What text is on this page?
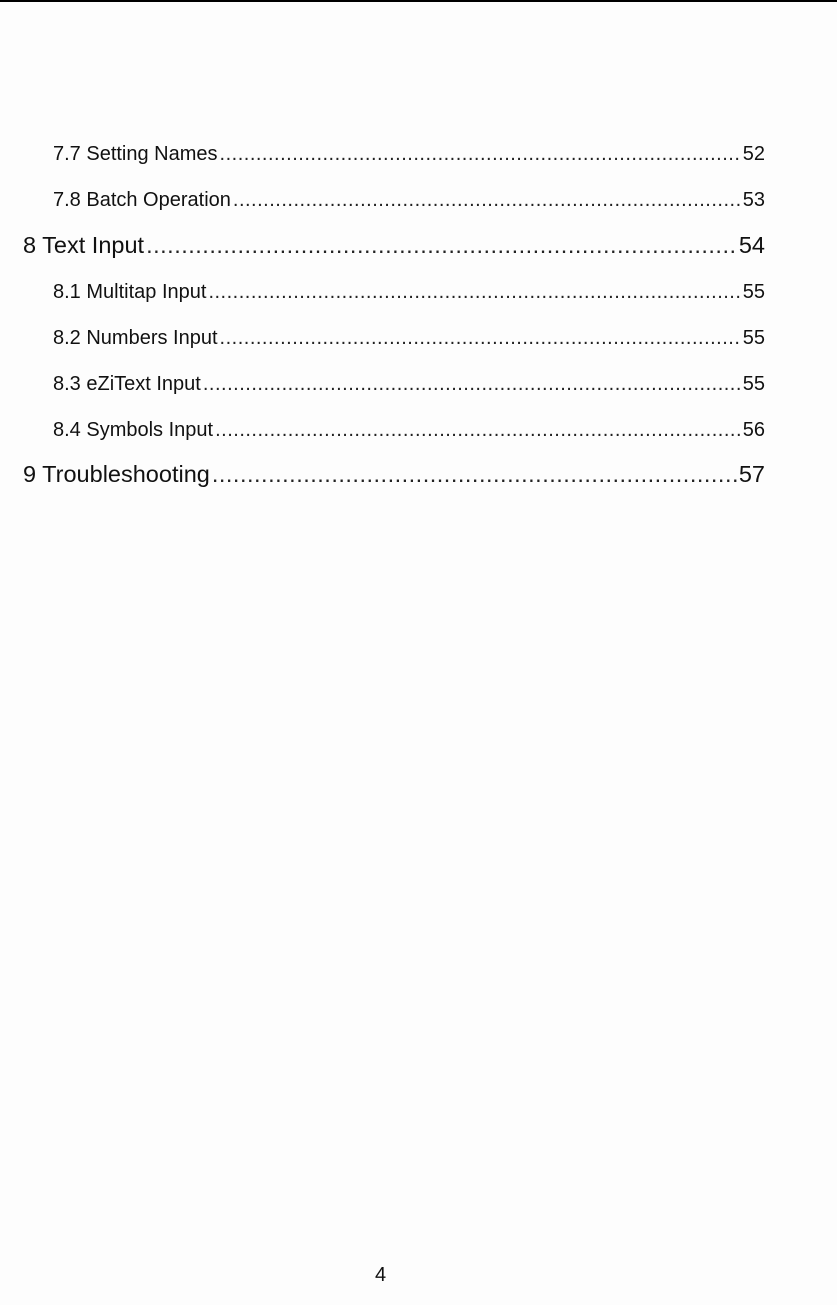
7.7 Setting Names .....	52
7.8 Batch Operation .....	53
8 Text Input .....	54
8.1 Multitap Input .....	55
8.2 Numbers Input .....	55
8.3 eZiText Input .....	55
8.4 Symbols Input .....	56
9 Troubleshooting .....	57
4
